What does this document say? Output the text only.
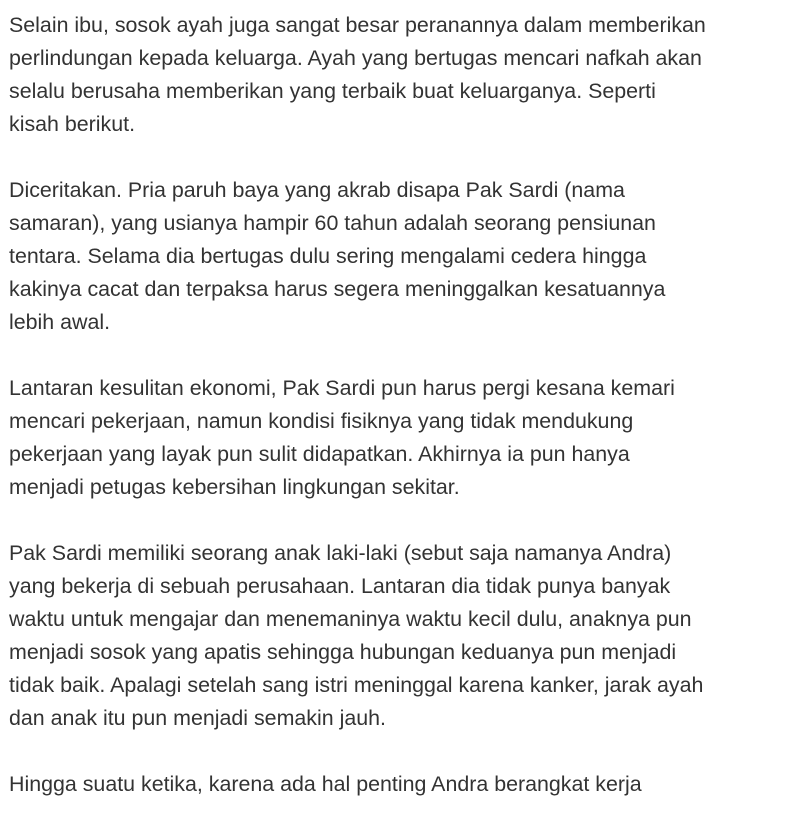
Selain ibu, sosok ayah juga sangat besar peranannya dalam memberikan
perlindungan kepada keluarga. Ayah yang bertugas mencari nafkah akan
selalu berusaha memberikan yang terbaik buat keluarganya. Seperti
kisah berikut.

Diceritakan. Pria paruh baya yang akrab disapa Pak Sardi (nama
samaran), yang usianya hampir 60 tahun adalah seorang pensiunan
tentara. Selama dia bertugas dulu sering mengalami cedera hingga
kakinya cacat dan terpaksa harus segera meninggalkan kesatuannya
lebih awal.

Lantaran kesulitan ekonomi, Pak Sardi pun harus pergi kesana kemari
mencari pekerjaan, namun kondisi fisiknya yang tidak mendukung
pekerjaan yang layak pun sulit didapatkan. Akhirnya ia pun hanya
menjadi petugas kebersihan lingkungan sekitar.

Pak Sardi memiliki seorang anak laki-laki (sebut saja namanya Andra)
yang bekerja di sebuah perusahaan. Lantaran dia tidak punya banyak
waktu untuk mengajar dan menemaninya waktu kecil dulu, anaknya pun
menjadi sosok yang apatis sehingga hubungan keduanya pun menjadi
tidak baik. Apalagi setelah sang istri meninggal karena kanker, jarak ayah
dan anak itu pun menjadi semakin jauh.

Hingga suatu ketika, karena ada hal penting Andra berangkat kerja
